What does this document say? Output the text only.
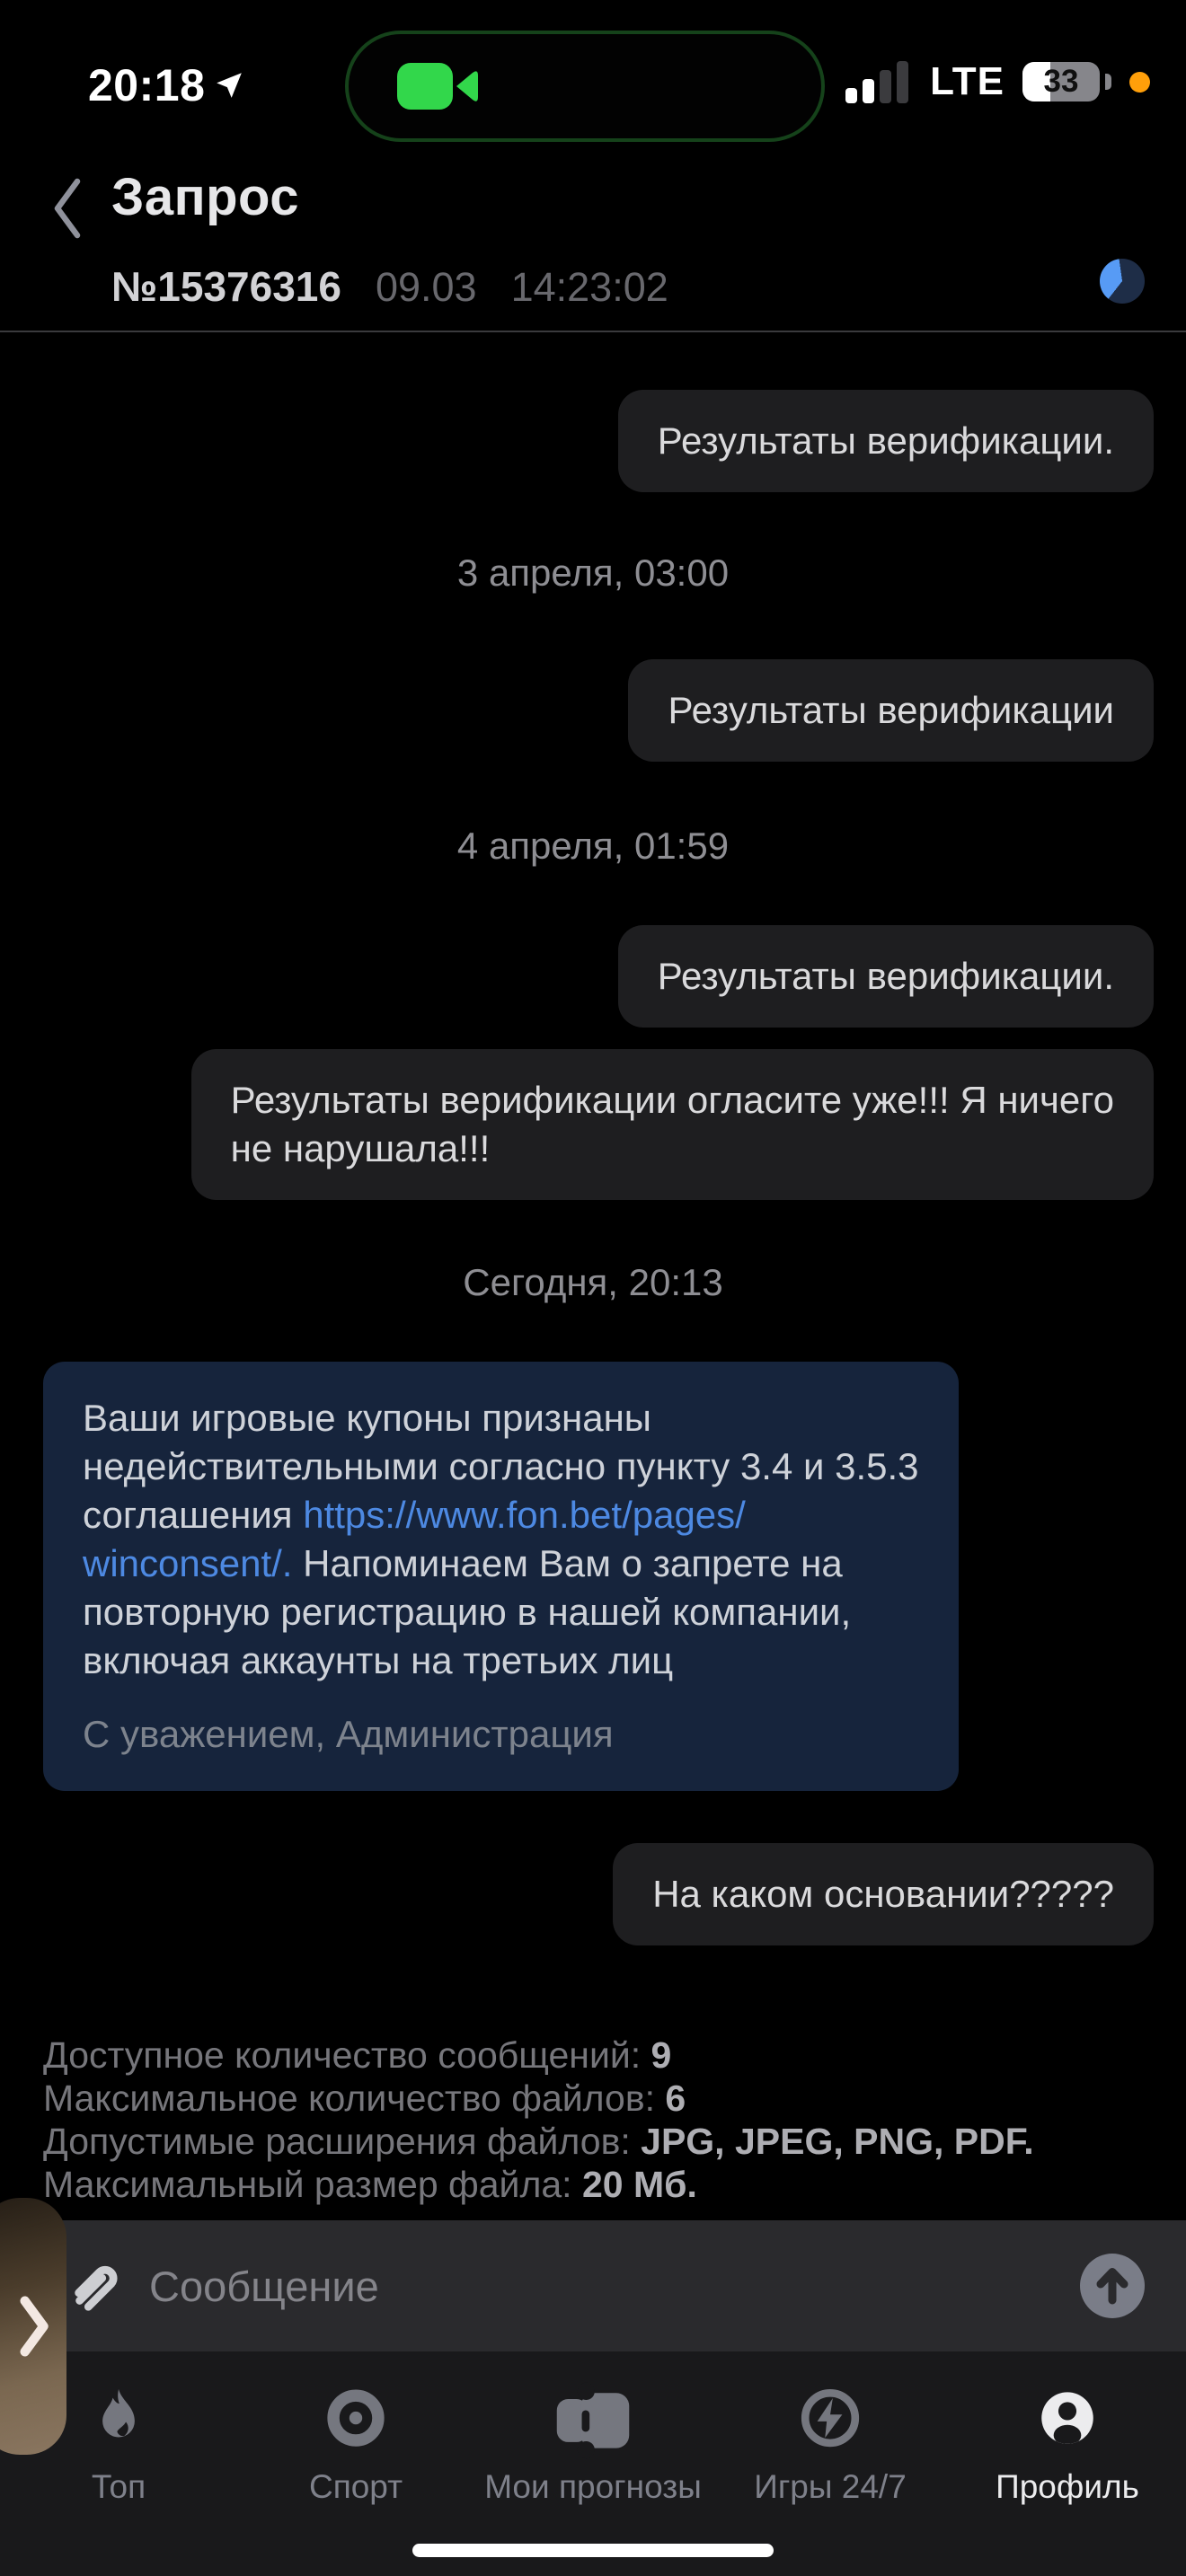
20:18	LTE	33
Запрос
№15376316 09.03 14:23:02
Результаты верификации.
3 апреля, 03:00
Результаты верификации
4 апреля, 01:59
Результаты верификации.
Результаты верификации огласите уже!!! Я ничего
не нарушала!!!
Сегодня, 20:13
Ваши игровые купоны признаны
недействительными согласно пункту 3.4 и 3.5.3
соглашения https://www.fon.bet/pages/
winconsent/. Напоминаем Вам о запрете на
повторную регистрацию в нашей компании,
включая аккаунты на третьих лиц
С уважением, Администрация
На каком основании?????
Доступное количество сообщений: 9
Максимальное количество файлов: 6
Допустимые расширения файлов: JPG, JPEG, PNG, PDF.
Максимальный размер файла: 20 Мб.
Сообщение
Топ	Спорт Мои прогнозы Игры 24/7	Профиль
